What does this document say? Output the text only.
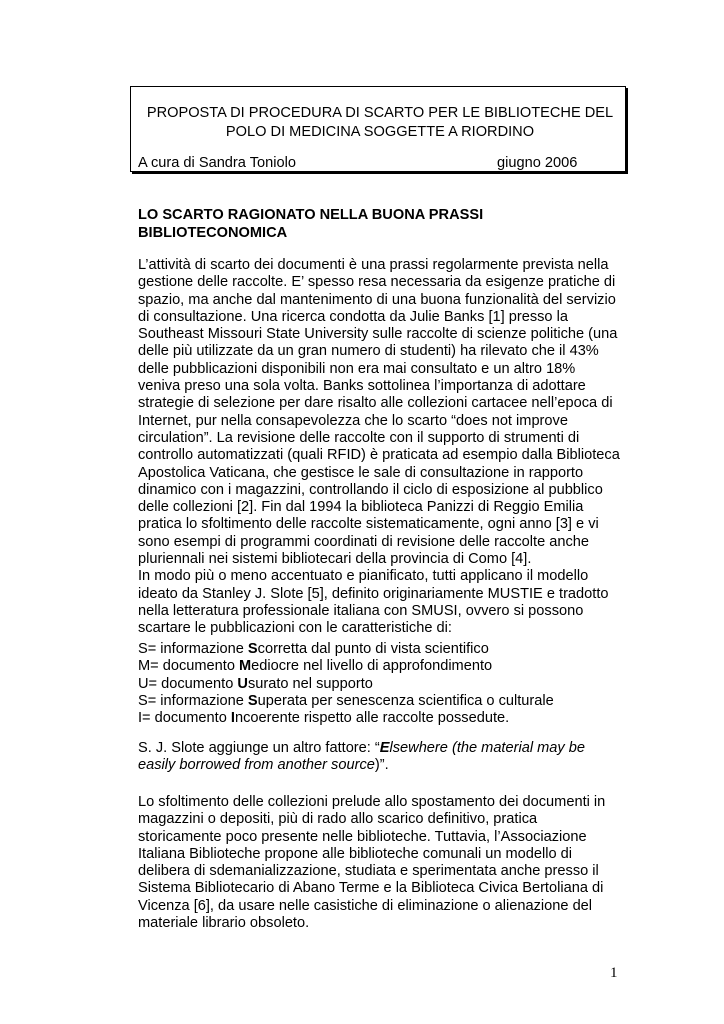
PROPOSTA DI PROCEDURA DI SCARTO PER LE BIBLIOTECHE DEL
POLO DI MEDICINA SOGGETTE A RIORDINO
A cura di Sandra Toniolo	giugno 2006
LO SCARTO RAGIONATO NELLA BUONA PRASSI
BIBLIOTECONOMICA
L’attività di scarto dei documenti è una prassi regolarmente prevista nella
gestione delle raccolte. E’ spesso resa necessaria da esigenze pratiche di
spazio, ma anche dal mantenimento di una buona funzionalità del servizio
di consultazione. Una ricerca condotta da Julie Banks [1] presso la
Southeast Missouri State University sulle raccolte di scienze politiche (una
delle più utilizzate da un gran numero di studenti) ha rilevato che il 43%
delle pubblicazioni disponibili non era mai consultato e un altro 18%
veniva preso una sola volta. Banks sottolinea l’importanza di adottare
strategie di selezione per dare risalto alle collezioni cartacee nell’epoca di
Internet, pur nella consapevolezza che lo scarto “does not improve
circulation”. La revisione delle raccolte con il supporto di strumenti di
controllo automatizzati (quali RFID) è praticata ad esempio dalla Biblioteca
Apostolica Vaticana, che gestisce le sale di consultazione in rapporto
dinamico con i magazzini, controllando il ciclo di esposizione al pubblico
delle collezioni [2]. Fin dal 1994 la biblioteca Panizzi di Reggio Emilia
pratica lo sfoltimento delle raccolte sistematicamente, ogni anno [3] e vi
sono esempi di programmi coordinati di revisione delle raccolte anche
pluriennali nei sistemi bibliotecari della provincia di Como [4].
In modo più o meno accentuato e pianificato, tutti applicano il modello
ideato da Stanley J. Slote [5], definito originariamente MUSTIE e tradotto
nella letteratura professionale italiana con SMUSI, ovvero si possono
scartare le pubblicazioni con le caratteristiche di:
S= informazione Scorretta dal punto di vista scientifico
M= documento Mediocre nel livello di approfondimento
U= documento Usurato nel supporto
S= informazione Superata per senescenza scientifica o culturale
I= documento Incoerente rispetto alle raccolte possedute.
S. J. Slote aggiunge un altro fattore: “Elsewhere (the material may be
easily borrowed from another source)”.
Lo sfoltimento delle collezioni prelude allo spostamento dei documenti in
magazzini o depositi, più di rado allo scarico definitivo, pratica
storicamente poco presente nelle biblioteche. Tuttavia, l’Associazione
Italiana Biblioteche propone alle biblioteche comunali un modello di
delibera di sdemanializzazione, studiata e sperimentata anche presso il
Sistema Bibliotecario di Abano Terme e la Biblioteca Civica Bertoliana di
Vicenza [6], da usare nelle casistiche di eliminazione o alienazione del
materiale librario obsoleto.
1
